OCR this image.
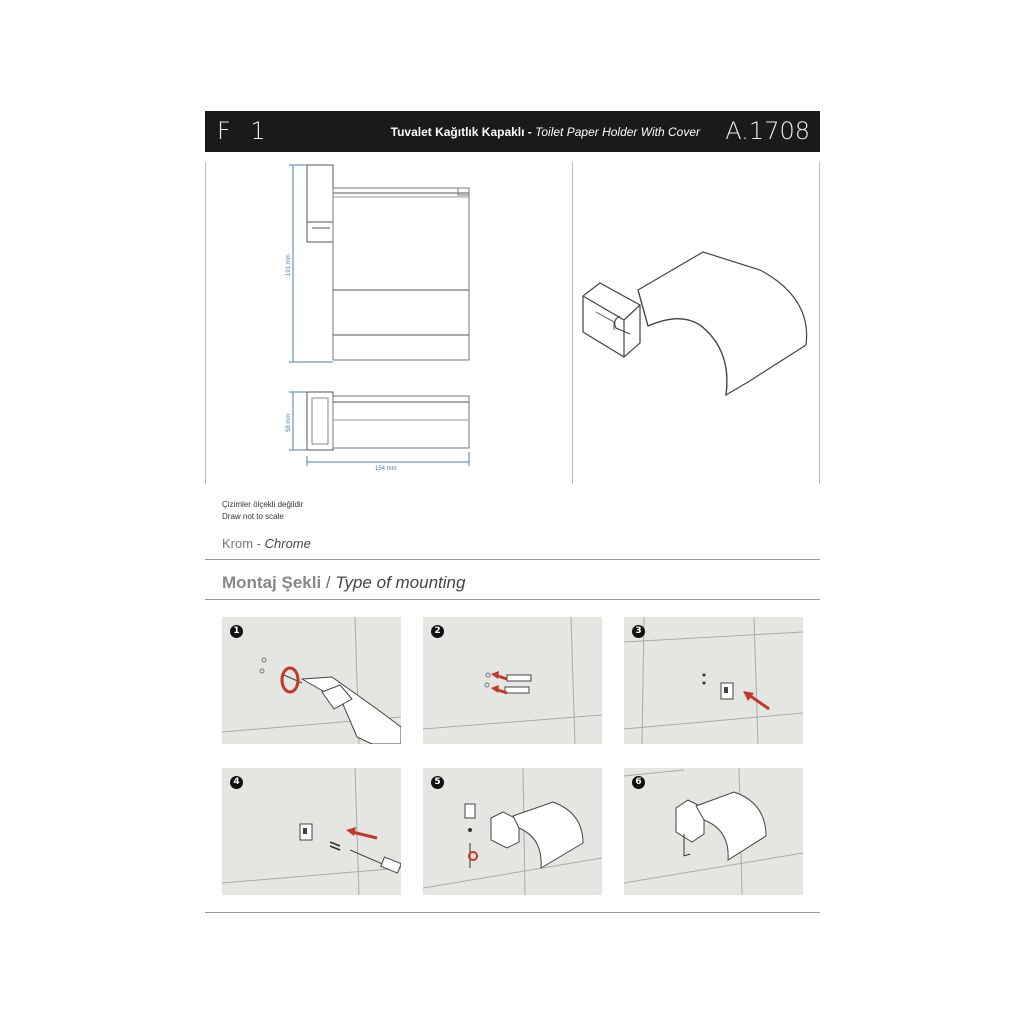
F 1	Tuvalet Kağıtlık Kapaklı - Toilet Paper Holder With Cover A.1708
191 mm
58 mm
154 mm
Çizimler ölçekli değildir
Draw not to scale
Krom - Chrome
Montaj Şekli / Type of mounting
1	2	3
4	5	6
